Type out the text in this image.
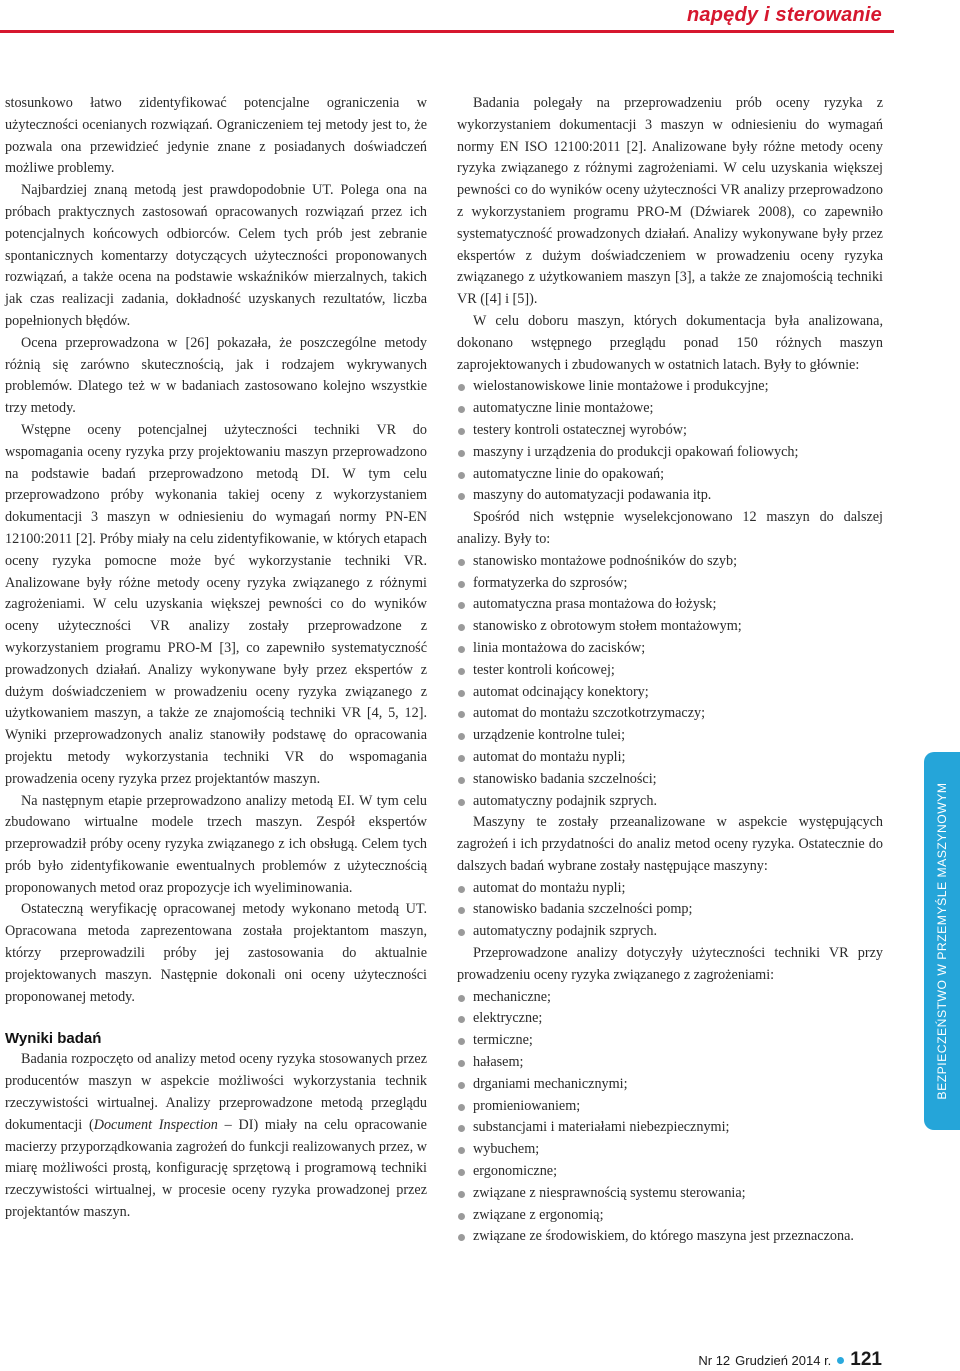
napędy i sterowanie

stosunkowo łatwo zidentyfikować potencjalne ograniczenia w użyteczności ocenianych rozwiązań. Ograniczeniem tej metody jest to, że pozwala ona przewidzieć jedynie znane z posiadanych doświadczeń możliwe problemy.

Najbardziej znaną metodą jest prawdopodobnie UT. Polega ona na próbach praktycznych zastosowań opracowanych rozwiązań przez ich potencjalnych końcowych odbiorców. Celem tych prób jest zebranie spontanicznych komentarzy dotyczących użyteczności proponowanych rozwiązań, a także ocena na podstawie wskaźników mierzalnych, takich jak czas realizacji zadania, dokładność uzyskanych rezultatów, liczba popełnionych błędów.

Ocena przeprowadzona w [26] pokazała, że poszczególne metody różnią się zarówno skutecznością, jak i rodzajem wykrywanych problemów. Dlatego też w w badaniach zastosowano kolejno wszystkie trzy metody.

Wstępne oceny potencjalnej użyteczności techniki VR do wspomagania oceny ryzyka przy projektowaniu maszyn przeprowadzono na podstawie badań przeprowadzono metodą DI. W tym celu przeprowadzono próby wykonania takiej oceny z wykorzystaniem dokumentacji 3 maszyn w odniesieniu do wymagań normy PN-EN 12100:2011 [2]. Próby miały na celu zidentyfikowanie, w których etapach oceny ryzyka pomocne może być wykorzystanie techniki VR. Analizowane były różne metody oceny ryzyka związanego z różnymi zagrożeniami. W celu uzyskania większej pewności co do wyników oceny użyteczności VR analizy zostały przeprowadzone z wykorzystaniem programu PRO-M [3], co zapewniło systematyczność prowadzonych działań. Analizy wykonywane były przez ekspertów z dużym doświadczeniem w prowadzeniu oceny ryzyka związanego z użytkowaniem maszyn, a także ze znajomością techniki VR [4, 5, 12]. Wyniki przeprowadzonych analiz stanowiły podstawę do opracowania projektu metody wykorzystania techniki VR do wspomagania prowadzenia oceny ryzyka przez projektantów maszyn.

Na następnym etapie przeprowadzono analizy metodą EI. W tym celu zbudowano wirtualne modele trzech maszyn. Zespół ekspertów przeprowadził próby oceny ryzyka związanego z ich obsługą. Celem tych prób było zidentyfikowanie ewentualnych problemów z użytecznością proponowanych metod oraz propozycje ich wyeliminowania.

Ostateczną weryfikację opracowanej metody wykonano metodą UT. Opracowana metoda zaprezentowana została projektantom maszyn, którzy przeprowadzili próby jej zastosowania do aktualnie projektowanych maszyn. Następnie dokonali oni oceny użyteczności proponowanej metody.

Wyniki badań

Badania rozpoczęto od analizy metod oceny ryzyka stosowanych przez producentów maszyn w aspekcie możliwości wykorzystania technik rzeczywistości wirtualnej. Analizy przeprowadzone metodą przeglądu dokumentacji (Document Inspection – DI) miały na celu opracowanie macierzy przyporządkowania zagrożeń do funkcji realizowanych przez, w miarę możliwości prostą, konfigurację sprzętową i programową techniki rzeczywistości wirtualnej, w procesie oceny ryzyka prowadzonej przez projektantów maszyn.

Badania polegały na przeprowadzeniu prób oceny ryzyka z wykorzystaniem dokumentacji 3 maszyn w odniesieniu do wymagań normy EN ISO 12100:2011 [2]. Analizowane były różne metody oceny ryzyka związanego z różnymi zagrożeniami. W celu uzyskania większej pewności co do wyników oceny użyteczności VR analizy przeprowadzono z wykorzystaniem programu PRO-M (Dźwiarek 2008), co zapewniło systematyczność prowadzonych działań. Analizy wykonywane były przez ekspertów z dużym doświadczeniem w prowadzeniu oceny ryzyka związanego z użytkowaniem maszyn [3], a także ze znajomością techniki VR ([4] i [5]).

W celu doboru maszyn, których dokumentacja była analizowana, dokonano wstępnego przeglądu ponad 150 różnych maszyn zaprojektowanych i zbudowanych w ostatnich latach. Były to głównie:

wielostanowiskowe linie montażowe i produkcyjne;
automatyczne linie montażowe;
testery kontroli ostatecznej wyrobów;
maszyny i urządzenia do produkcji opakowań foliowych;
automatyczne linie do opakowań;
maszyny do automatyzacji podawania itp.

Spośród nich wstępnie wyselekcjonowano 12 maszyn do dalszej analizy. Były to:

stanowisko montażowe podnośników do szyb;
formatyzerka do szprosów;
automatyczna prasa montażowa do łożysk;
stanowisko z obrotowym stołem montażowym;
linia montażowa do zacisków;
tester kontroli końcowej;
automat odcinający konektory;
automat do montażu szczotkotrzymaczy;
urządzenie kontrolne tulei;
automat do montażu nypli;
stanowisko badania szczelności;
automatyczny podajnik szprych.

Maszyny te zostały przeanalizowane w aspekcie występujących zagrożeń i ich przydatności do analiz metod oceny ryzyka. Ostatecznie do dalszych badań wybrane zostały następujące maszyny:

automat do montażu nypli;
stanowisko badania szczelności pomp;
automatyczny podajnik szprych.

Przeprowadzone analizy dotyczyły użyteczności techniki VR przy prowadzeniu oceny ryzyka związanego z zagrożeniami:

mechaniczne;
elektryczne;
termiczne;
hałasem;
drganiami mechanicznymi;
promieniowaniem;
substancjami i materiałami niebezpiecznymi;
wybuchem;
ergonomiczne;
związane z niesprawnością systemu sterowania;
związane z ergonomią;
związane ze środowiskiem, do którego maszyna jest przeznaczona.
BEZPIECZEŃSTWO W PRZEMYŚLE MASZYNOWYM
Nr 12 Grudzień 2014 r. 121
